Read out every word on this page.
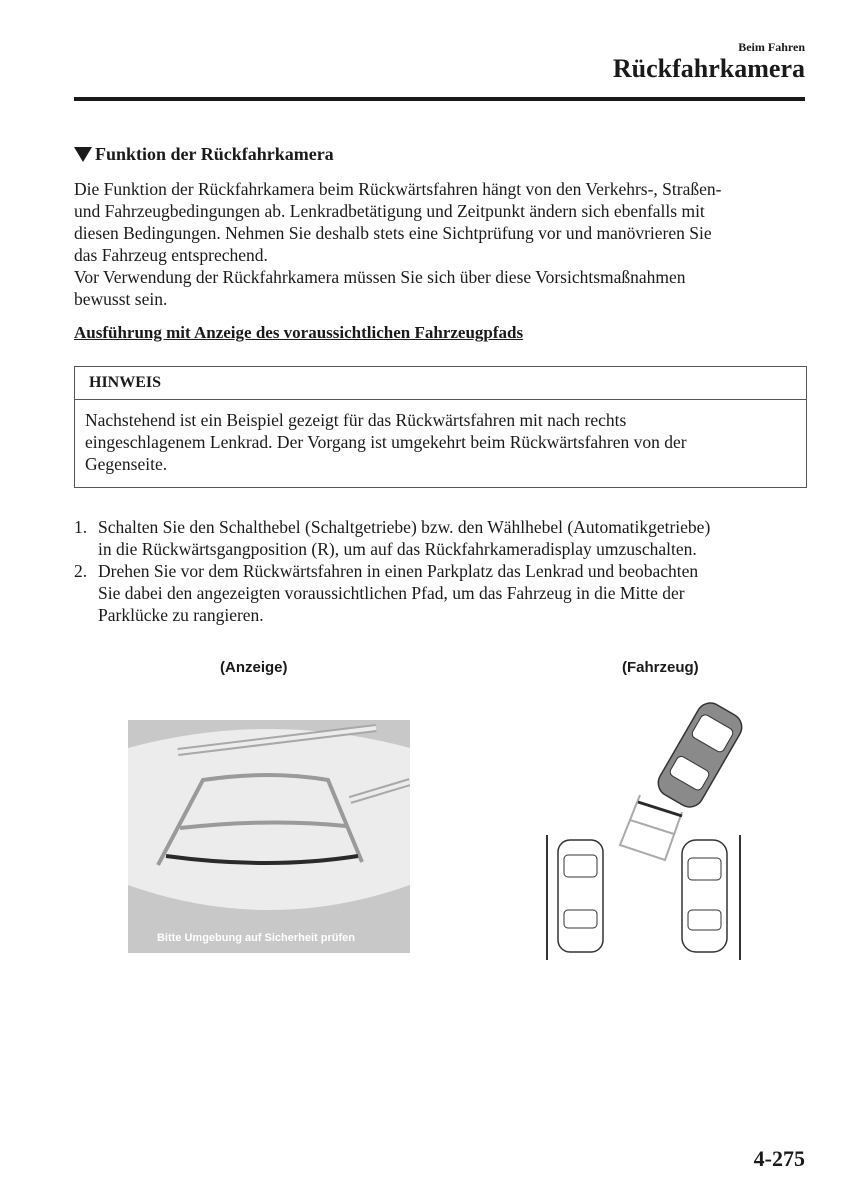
Beim Fahren
Rückfahrkamera
Funktion der Rückfahrkamera
Die Funktion der Rückfahrkamera beim Rückwärtsfahren hängt von den Verkehrs-, Straßen-
und Fahrzeugbedingungen ab. Lenkradbetätigung und Zeitpunkt ändern sich ebenfalls mit
diesen Bedingungen. Nehmen Sie deshalb stets eine Sichtprüfung vor und manövrieren Sie
das Fahrzeug entsprechend.
Vor Verwendung der Rückfahrkamera müssen Sie sich über diese Vorsichtsmaßnahmen
bewusst sein.
Ausführung mit Anzeige des voraussichtlichen Fahrzeugpfads
HINWEIS
Nachstehend ist ein Beispiel gezeigt für das Rückwärtsfahren mit nach rechts
eingeschlagenem Lenkrad. Der Vorgang ist umgekehrt beim Rückwärtsfahren von der
Gegenseite.
1. Schalten Sie den Schalthebel (Schaltgetriebe) bzw. den Wählhebel (Automatikgetriebe)
in die Rückwärtsgangposition (R), um auf das Rückfahrkameradisplay umzuschalten.
2. Drehen Sie vor dem Rückwärtsfahren in einen Parkplatz das Lenkrad und beobachten
Sie dabei den angezeigten voraussichtlichen Pfad, um das Fahrzeug in die Mitte der
Parklücke zu rangieren.
(Anzeige)	(Fahrzeug)
Bitte Umgebung auf Sicherheit prüfen
4-275
